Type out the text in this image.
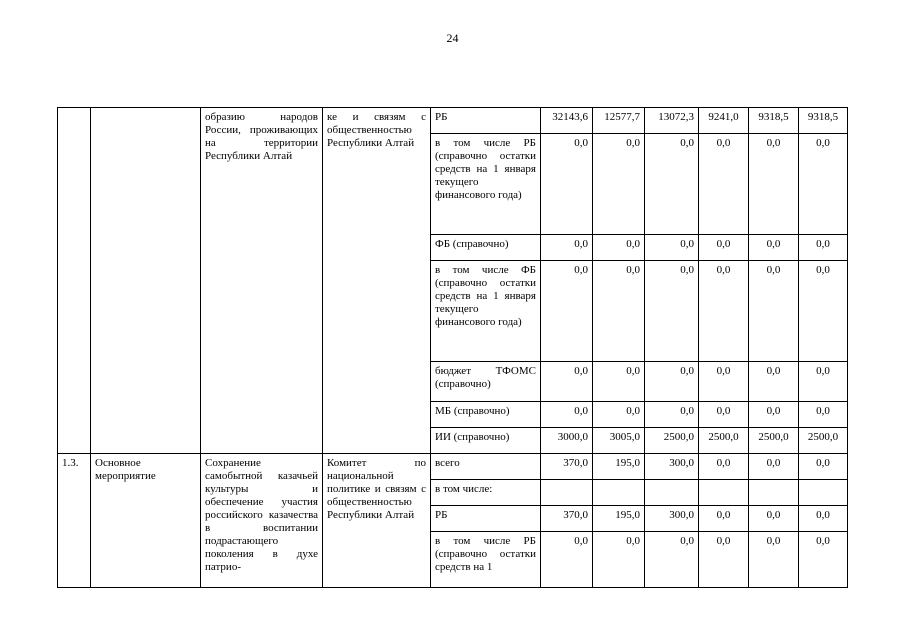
24
		образию народов России, проживающих на территории Республики Алтай	ке и связям с общественностью Республики Алтай	РБ	32143,6	12577,7	13072,3	9241,0	9318,5	9318,5
				в том числе РБ (справочно остатки средств на 1 января текущего финансового года)	0,0	0,0	0,0	0,0	0,0	0,0
				ФБ (справочно)	0,0	0,0	0,0	0,0	0,0	0,0
				в том числе ФБ (справочно остатки средств на 1 января текущего финансового года)	0,0	0,0	0,0	0,0	0,0	0,0
				бюджет ТФОМС (справочно)	0,0	0,0	0,0	0,0	0,0	0,0
				МБ (справочно)	0,0	0,0	0,0	0,0	0,0	0,0
				ИИ (справочно)	3000,0	3005,0	2500,0	2500,0	2500,0	2500,0
1.3.	Основное мероприятие	Сохранение самобытной казачьей культуры и обеспечение участия российского казачества в воспитании подрастающего поколения в духе патрио-	Комитет по национальной политике и связям с общественностью Республики Алтай	всего	370,0	195,0	300,0	0,0	0,0	0,0
				в том числе:						
				РБ	370,0	195,0	300,0	0,0	0,0	0,0
				в том числе РБ (справочно остатки средств на 1	0,0	0,0	0,0	0,0	0,0	0,0
